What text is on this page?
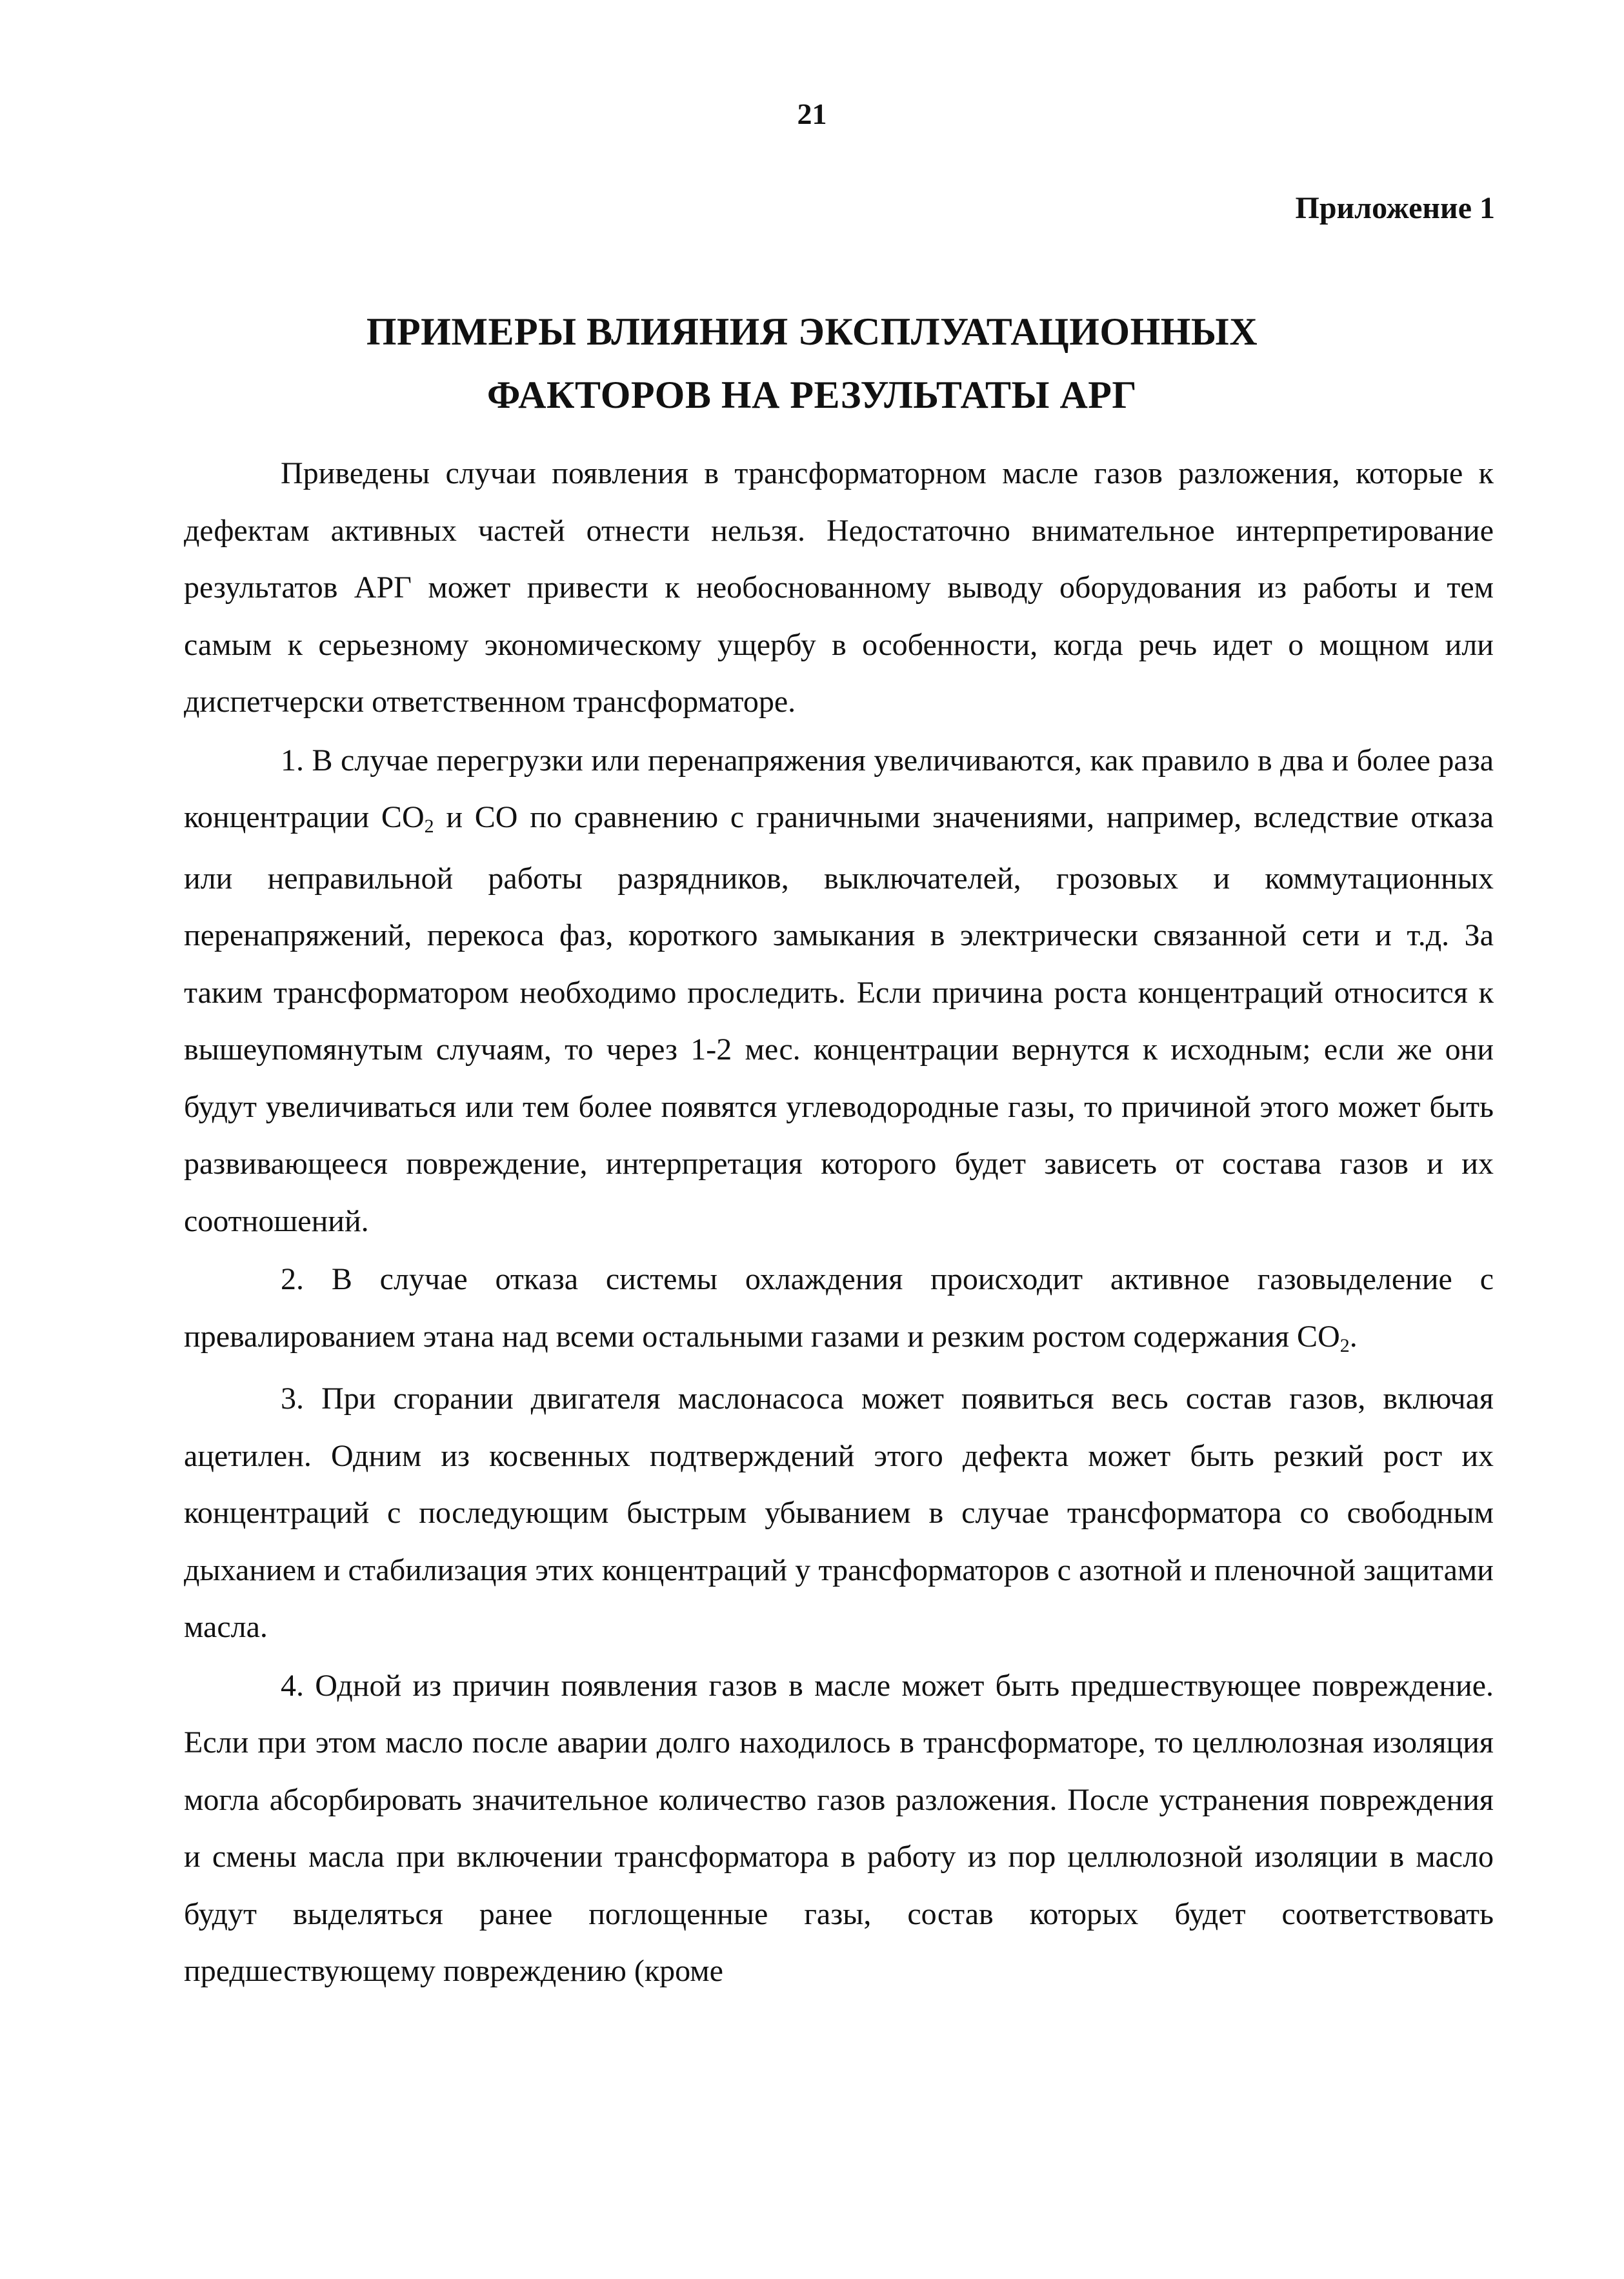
21
Приложение 1
ПРИМЕРЫ ВЛИЯНИЯ ЭКСПЛУАТАЦИОННЫХ
ФАКТОРОВ НА РЕЗУЛЬТАТЫ АРГ

Приведены случаи появления в трансформаторном масле газов разложения, которые к дефектам активных частей отнести нельзя. Недостаточно внимательное интерпретирование результатов АРГ может привести к необоснованному выводу оборудования из работы и тем самым к серьезному экономическому ущербу в особенности, когда речь идет о мощном или диспетчерски ответственном трансформаторе.

1. В случае перегрузки или перенапряжения увеличиваются, как правило в два и более раза концентрации $СО_2$ и СО по сравнению с граничными значениями, например, вследствие отказа или неправильной работы разрядников, выключателей, грозовых и коммутационных перенапряжений, перекоса фаз, короткого замыкания в электрически связанной сети и т.д. За таким трансформатором необходимо проследить. Если причина роста концентраций относится к вышеупомянутым случаям, то через 1-2 мес. концентрации вернутся к исходным; если же они будут увеличиваться или тем более появятся углеводородные газы, то причиной этого может быть развивающееся повреждение, интерпретация которого будет зависеть от состава газов и их соотношений.

2. В случае отказа системы охлаждения происходит активное газовыделение с превалированием этана над всеми остальными газами и резким ростом содержания $СО_2$.

3. При сгорании двигателя маслонасоса может появиться весь состав газов, включая ацетилен. Одним из косвенных подтверждений этого дефекта может быть резкий рост их концентраций с последующим быстрым убыванием в случае трансформатора со свободным дыханием и стабилизация этих концентраций у трансформаторов с азотной и пленочной защитами масла.

4. Одной из причин появления газов в масле может быть предшествующее повреждение. Если при этом масло после аварии долго находилось в трансформаторе, то целлюлозная изоляция могла абсорбировать значительное количество газов разложения. После устранения повреждения и смены масла при включении трансформатора в работу из пор целлюлозной изоляции в масло будут выделяться ранее поглощенные газы, состав которых будет соответствовать предшествующему повреждению (кроме
